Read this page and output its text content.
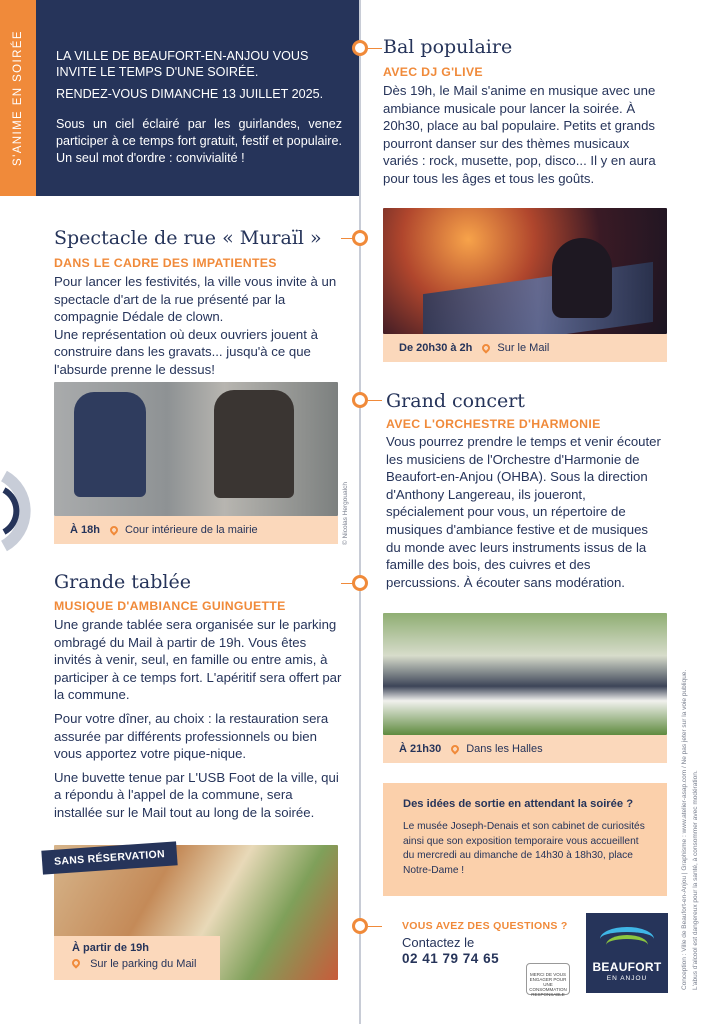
S'ANIME EN SOIRÉE	LA VILLE DE BEAUFORT-EN-ANJOU VOUS INVITE LE TEMPS D'UNE SOIRÉE.

RENDEZ-VOUS DIMANCHE 13 JUILLET 2025.

Sous un ciel éclairé par les guirlandes, venez participer à ce temps fort gratuit, festif et populaire. Un seul mot d'ordre : convivialité !

Bal populaire
AVEC DJ G'LIVE

Dès 19h, le Mail s'anime en musique avec une ambiance musicale pour lancer la soirée. À 20h30, place au bal populaire. Petits et grands pourront danser sur des thèmes musicaux variés : rock, musette, pop, disco... Il y en aura pour tous les âges et tous les goûts.

De 20h30 à 2h Sur le Mail
Spectacle de rue « Muraïl »
DANS LE CADRE DES IMPATIENTES

Pour lancer les festivités, la ville vous invite à un spectacle d'art de la rue présenté par la compagnie Dédale de clown.

Une représentation où deux ouvriers jouent à construire dans les gravats... jusqu'à ce que l'absurde prenne le dessus!

À 18h Cour intérieure de la mairie	© Nicolas Hergoualch
Grand concert
AVEC L'ORCHESTRE D'HARMONIE

Vous pourrez prendre le temps et venir écouter les musiciens de l'Orchestre d'Harmonie de Beaufort-en-Anjou (OHBA). Sous la direction d'Anthony Langereau, ils joueront, spécialement pour vous, un répertoire de musiques d'ambiance festive et de musiques du monde avec leurs instruments issus de la famille des bois, des cuivres et des percussions. À écouter sans modération.

À 21h30 Dans les Halles
Grande tablée
MUSIQUE D'AMBIANCE GUINGUETTE

Une grande tablée sera organisée sur le parking ombragé du Mail à partir de 19h. Vous êtes invités à venir, seul, en famille ou entre amis, à participer à ce temps fort. L'apéritif sera offert par la commune.

Pour votre dîner, au choix : la restauration sera assurée par différents professionnels ou bien vous apportez votre pique-nique.

Une buvette tenue par L'USB Foot de la ville, qui a répondu à l'appel de la commune, sera installée sur le Mail tout au long de la soirée.

SANS RÉSERVATION
À partir de 19h
Sur le parking du Mail

Des idées de sortie en attendant la soirée ?

Le musée Joseph-Denais et son cabinet de curiosités ainsi que son exposition temporaire vous accueillent du mercredi au dimanche de 14h30 à 18h30, place Notre-Dame !

VOUS AVEZ DES QUESTIONS ?
Contactez le
02 41 79 74 65
MERCI DE VOUS ENGAGER POUR UNE CONSOMMATION RESPONSABLE
BEAUFORT
EN ANJOU	Conception : Ville de Beaufort-en-Anjou | Graphisme : www.atelier-asap.com / Ne pas jeter sur la voie publique. L'abus d'alcool est dangereux pour la santé, à consommer avec modération.
